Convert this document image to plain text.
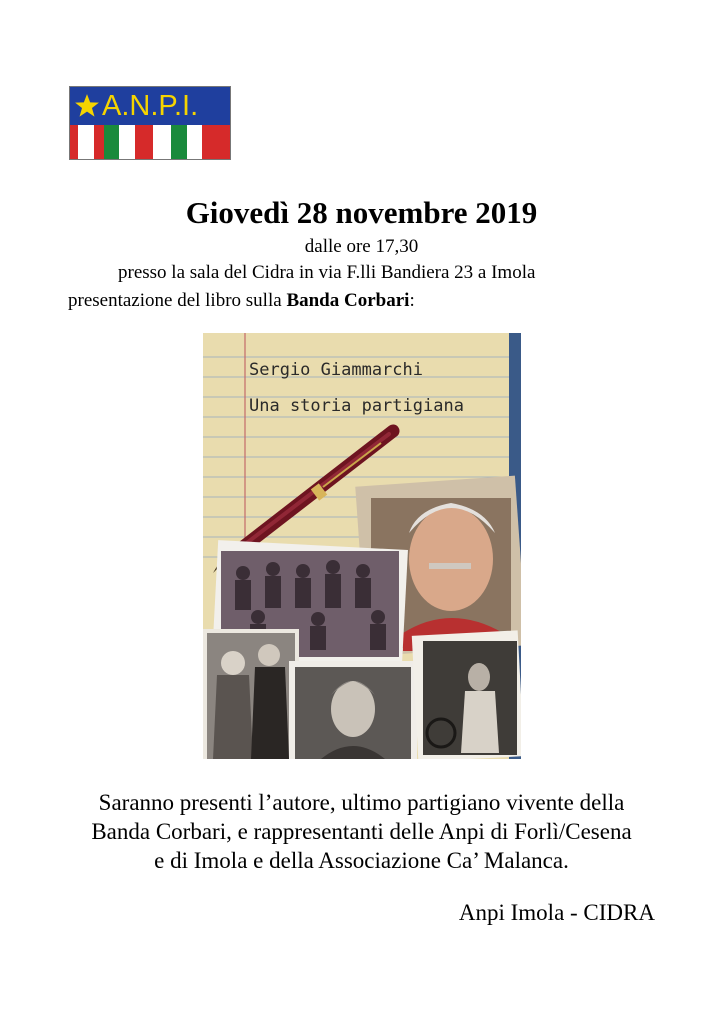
A.N.P.I.
Giovedì 28 novembre 2019
dalle ore 17,30
presso la sala del Cidra in via F.lli Bandiera 23 a Imola
presentazione del libro sulla Banda Corbari:
Sergio Giammarchi
Una storia partigiana
Saranno presenti l’autore, ultimo partigiano vivente della
Banda Corbari, e rappresentanti delle Anpi di Forlì/Cesena
e di Imola e della Associazione Ca’ Malanca.
Anpi Imola - CIDRA
